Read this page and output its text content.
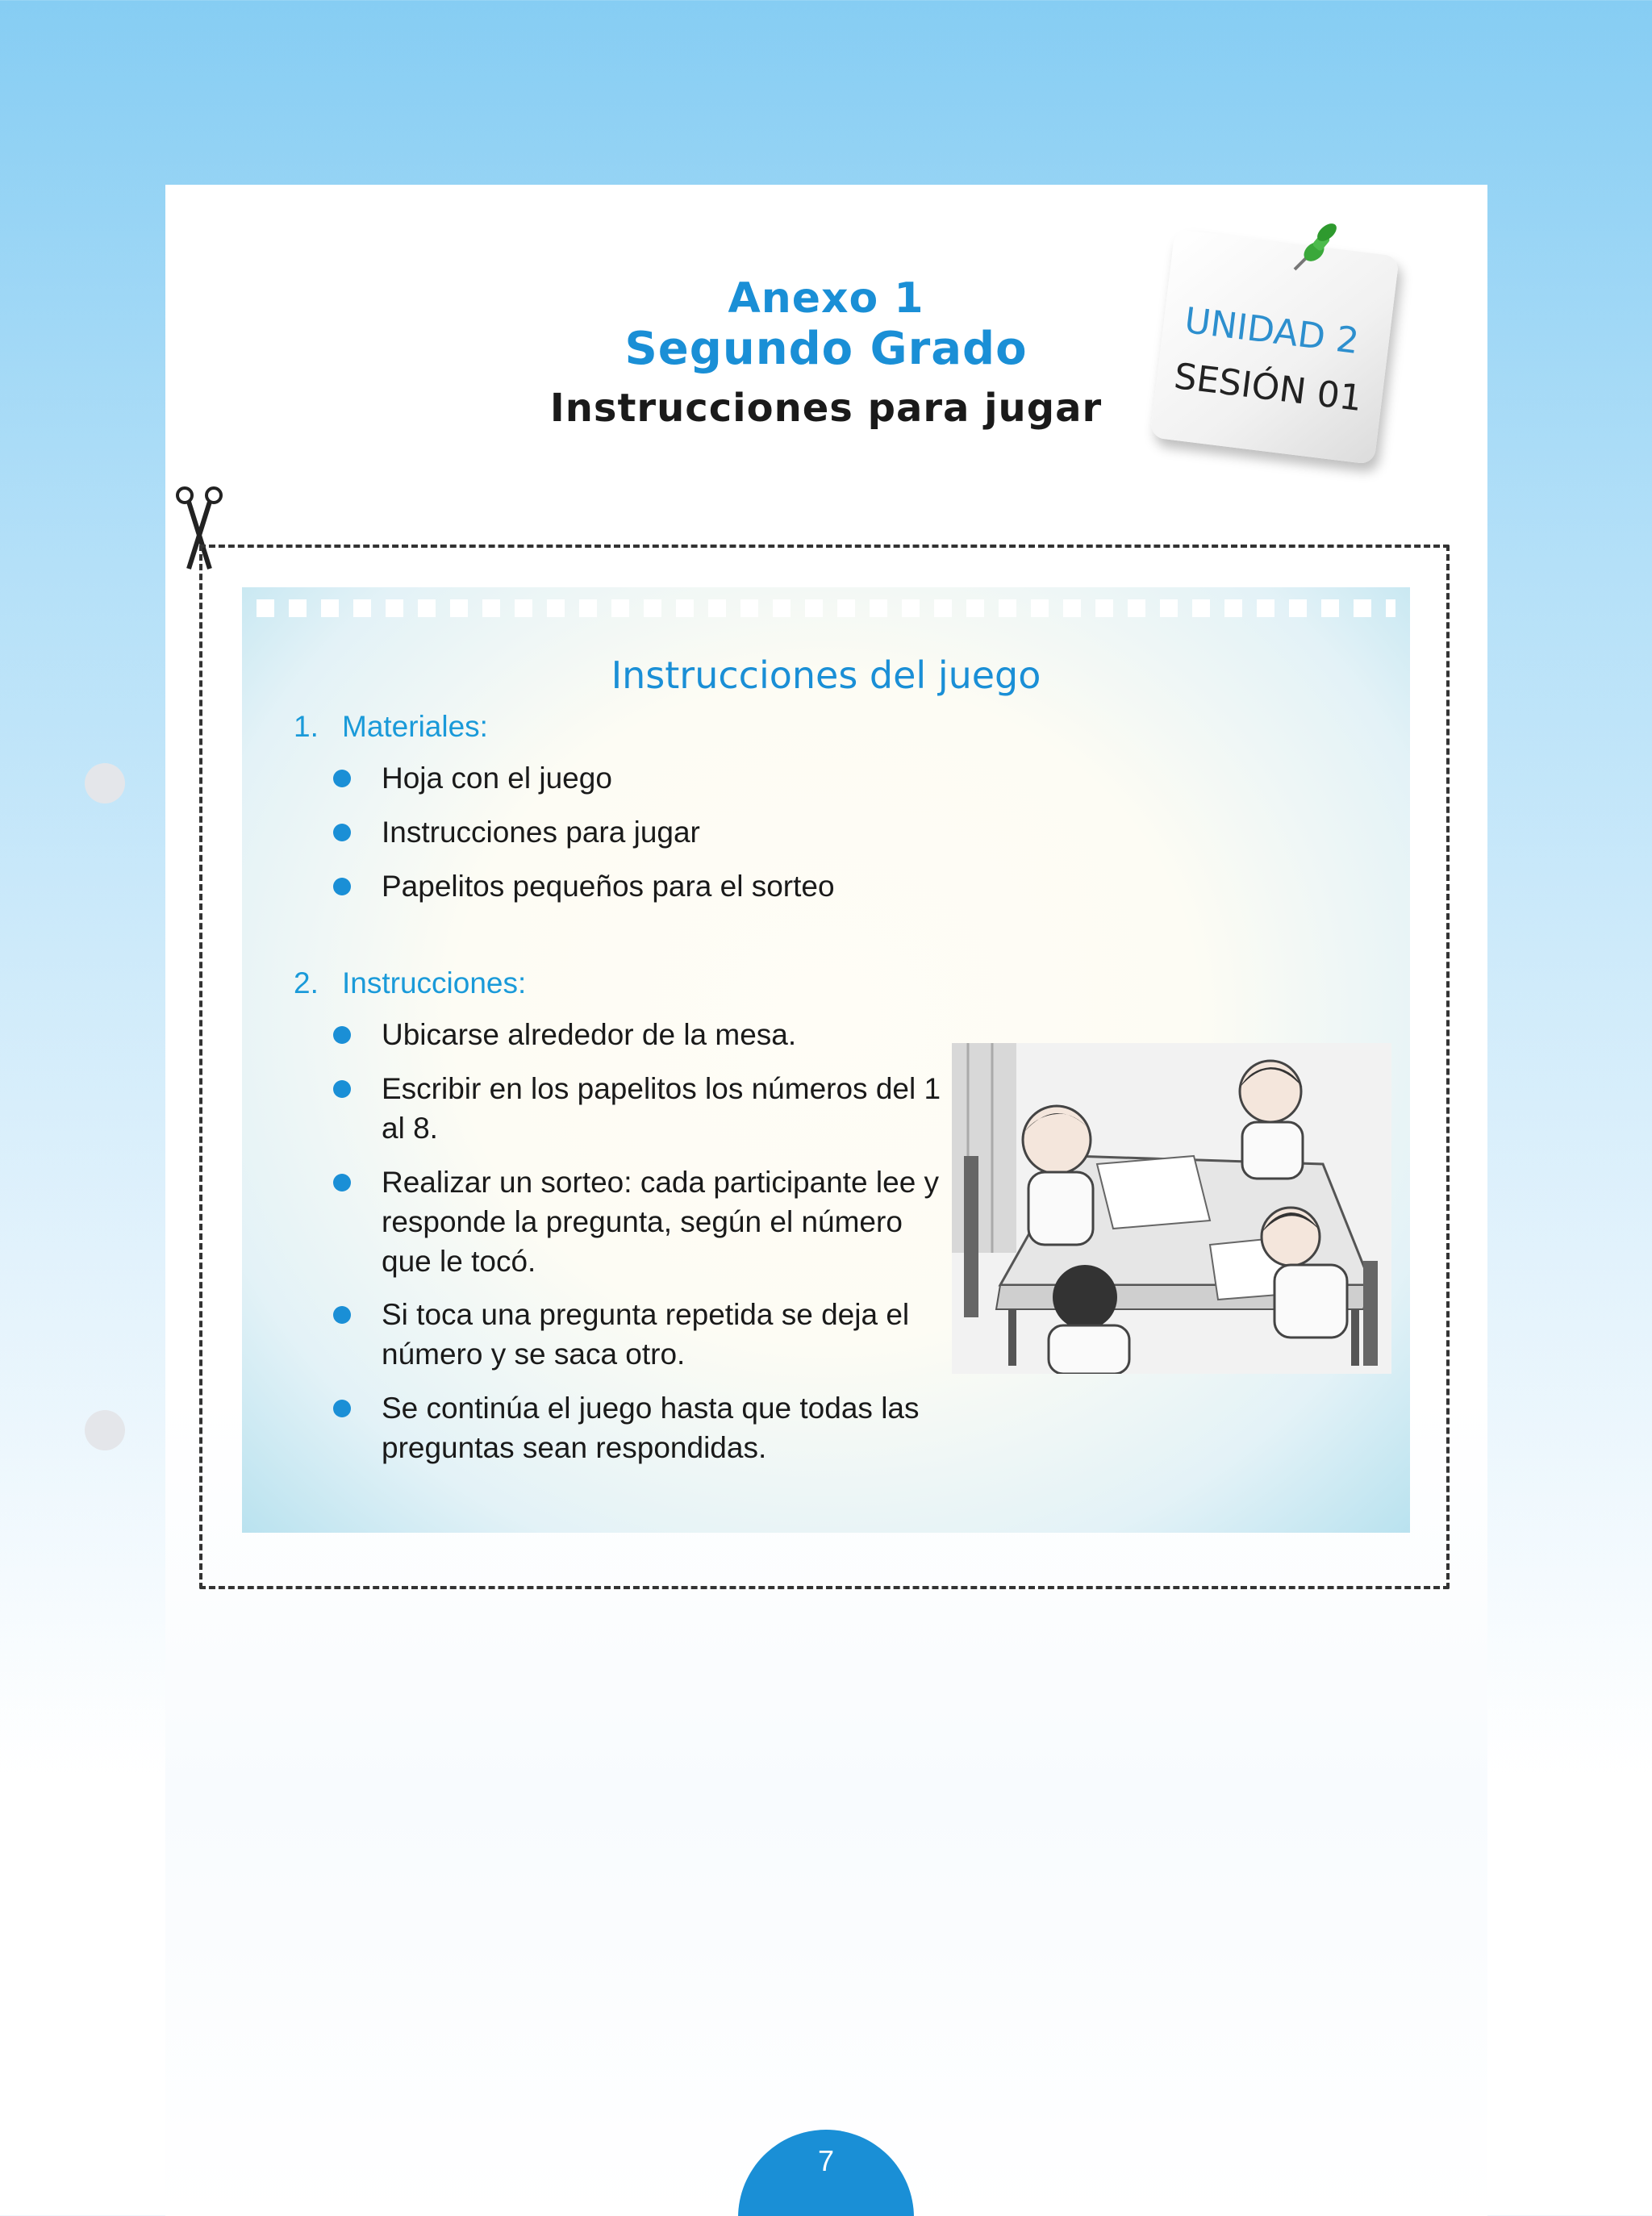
Anexo 1
Segundo Grado
Instrucciones para jugar
UNIDAD 2
SESIÓN 01
Instrucciones del juego
1. Materiales:
Hoja con el juego
Instrucciones para jugar
Papelitos pequeños para el sorteo
2. Instrucciones:
Ubicarse alrededor de la mesa.
Escribir en los papelitos los números del 1 al 8.
Realizar un sorteo: cada participante lee y responde la pregunta, según el número que le tocó.
Si toca una pregunta repetida se deja el número y se saca otro.
Se continúa el juego hasta que todas las preguntas sean respondidas.
7
